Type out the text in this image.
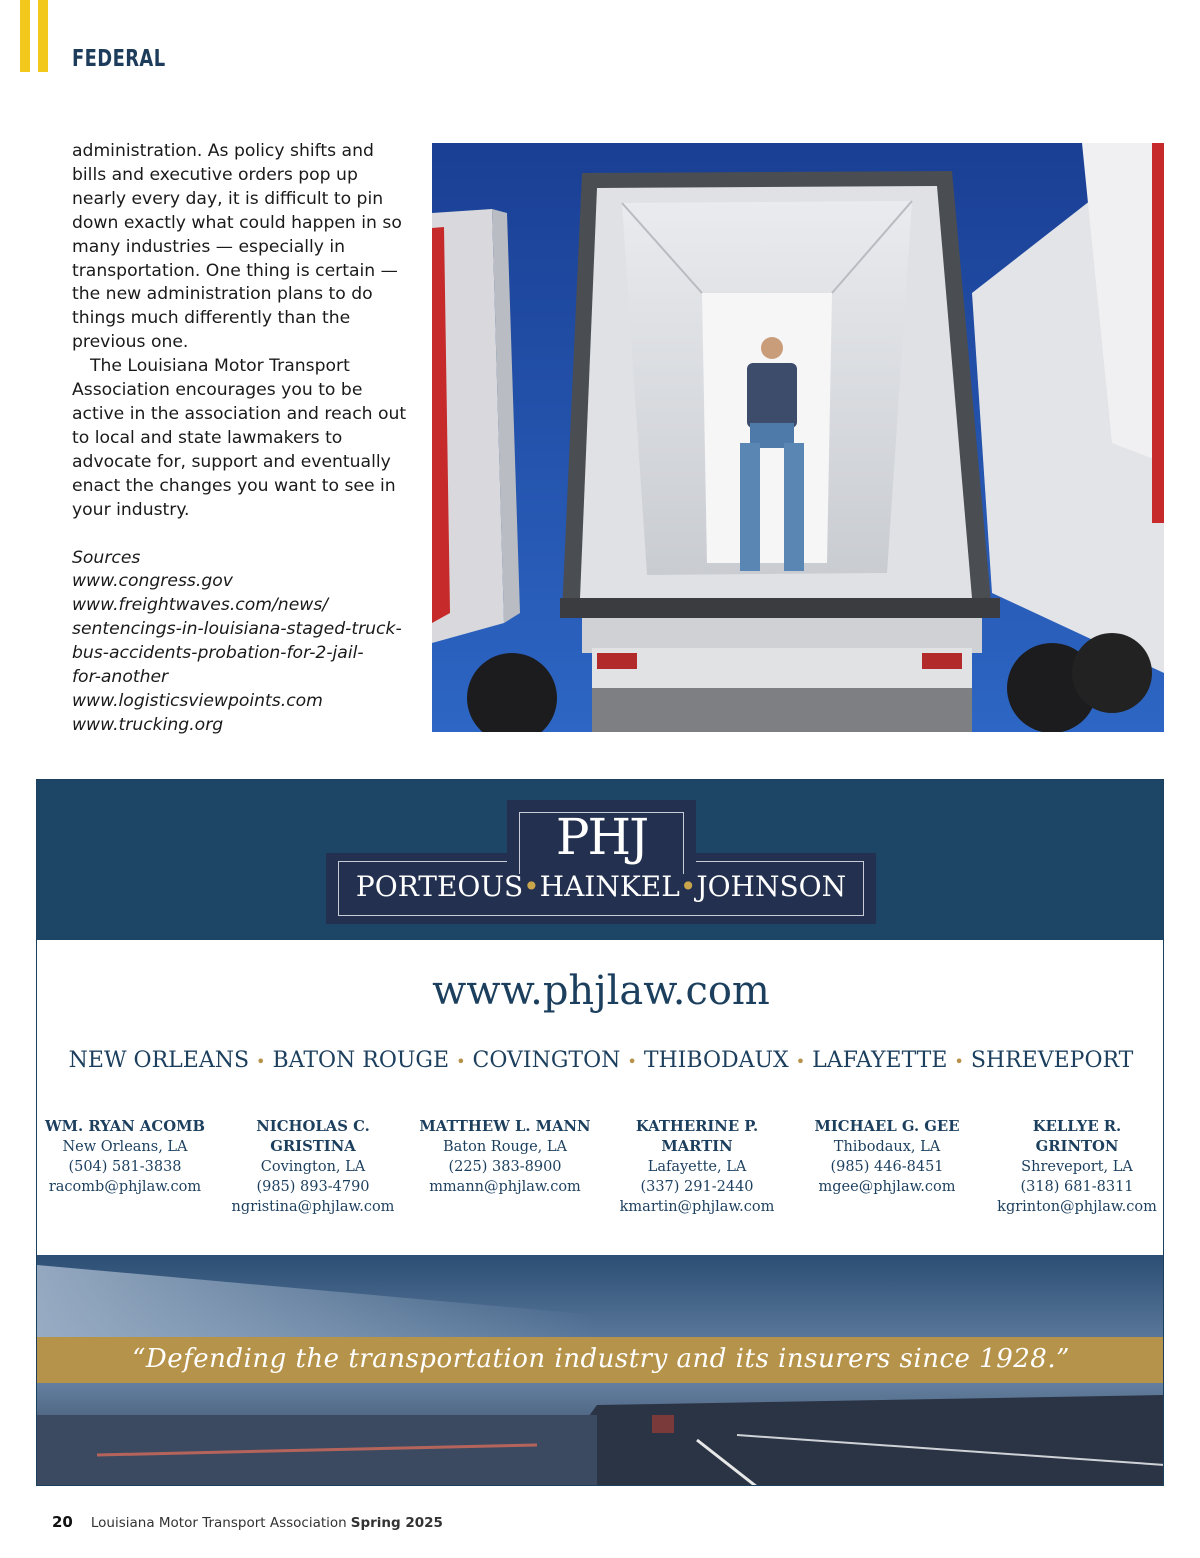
FEDERAL

administration. As policy shifts and bills and executive orders pop up nearly every day, it is difficult to pin down exactly what could happen in so many industries — especially in transportation. One thing is certain — the new administration plans to do things much differently than the previous one.

The Louisiana Motor Transport Association encourages you to be active in the association and reach out to local and state lawmakers to advocate for, support and eventually enact the changes you want to see in your industry.

Sources
www.congress.gov
www.freightwaves.com/news/
sentencings-in-louisiana-staged-truck-
bus-accidents-probation-for-2-jail-
for-another
www.logisticsviewpoints.com
www.trucking.org
PHJ
PORTEOUS•HAINKEL•JOHNSON
www.phjlaw.com
NEW ORLEANS • BATON ROUGE • COVINGTON • THIBODAUX • LAFAYETTE • SHREVEPORT
WM. RYAN ACOMB
New Orleans, LA
(504) 581-3838
racomb@phjlaw.com
NICHOLAS C.
GRISTINA
Covington, LA
(985) 893-4790
ngristina@phjlaw.com
MATTHEW L. MANN
Baton Rouge, LA
(225) 383-8900
mmann@phjlaw.com
KATHERINE P.
MARTIN
Lafayette, LA
(337) 291-2440
kmartin@phjlaw.com
MICHAEL G. GEE
Thibodaux, LA
(985) 446-8451
mgee@phjlaw.com
KELLYE R.
GRINTON
Shreveport, LA
(318) 681-8311
kgrinton@phjlaw.com
“Defending the transportation industry and its insurers since 1928.”
20 Louisiana Motor Transport Association Spring 2025
